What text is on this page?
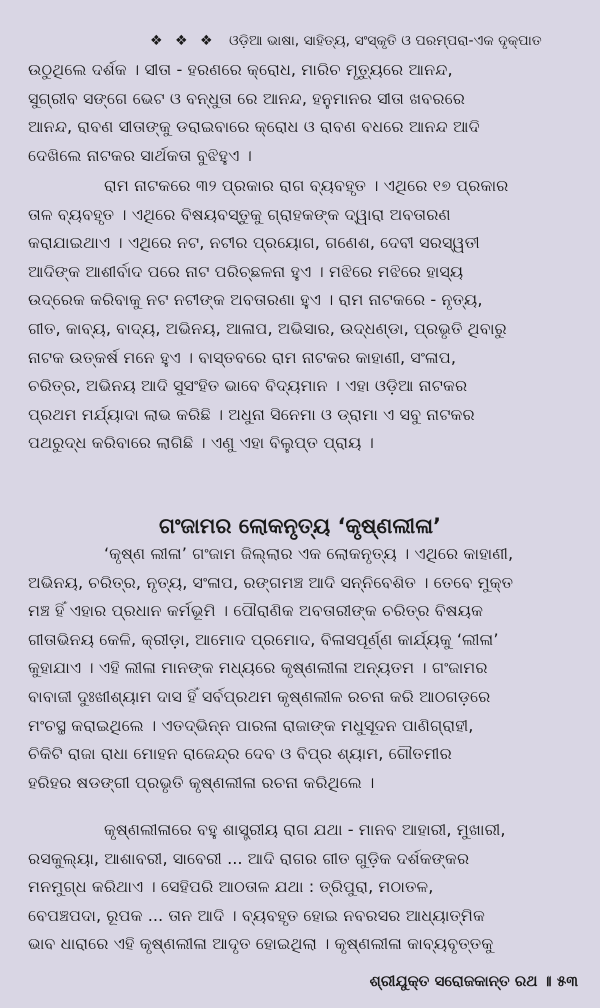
❖ ❖ ❖ ଓଡ଼ିଆ ଭାଷା, ସାହିତ୍ୟ, ସଂସ୍କୃତି ଓ ପରମ୍ପରା-ଏକ ଦୃକ୍‌ପାତ
ଉଠୁଥିଲେ ଦର୍ଶକ । ସୀତା - ହରଣରେ କ୍ରୋଧ, ମାରିଚ ମୃତ୍ୟୁରେ ଆନନ୍ଦ,
ସୁଗ୍ରୀବ ସଙ୍ଗେ ଭେଟ ଓ ବନ୍ଧୁତା ରେ ଆନନ୍ଦ, ହନୁମାନର ସୀତା ଖବରରେ
ଆନନ୍ଦ, ରାବଣ ସୀତାଙ୍କୁ ଡରାଇବାରେ କ୍ରୋଧ ଓ ରାବଣ ବଧରେ ଆନନ୍ଦ ଆଦି
ଦେଖିଲେ ନାଟକର ସାର୍ଥକତା ବୁଝିହୁଏ ।
ରାମ ନାଟକରେ ୩୨ ପ୍ରକାର ରାଗ ବ୍ୟବହୃତ । ଏଥିରେ ୧୭ ପ୍ରକାର
ତାଳ ବ୍ୟବହୃତ । ଏଥିରେ ବିଷୟବସ୍ତୁକୁ ଗ୍ରାହକଙ୍କ ଦ୍ୱାରା ଅବତାରଣ
କରାଯାଇଥାଏ । ଏଥିରେ ନଟ, ନଟୀର ପ୍ରୟୋଗ, ଗଣେଶ, ଦେବୀ ସରସ୍ୱତୀ
ଆଦିଙ୍କ ଆଶୀର୍ବାଦ ପରେ ନାଟ ପରିଚ୍ଛଳନା ହୁଏ । ମଝିରେ ମଝିରେ ହାସ୍ୟ
ଉଦ୍ରେକ କରିବାକୁ ନଟ ନଟୀଙ୍କ ଅବତାରଣା ହୁଏ । ରାମ ନାଟକରେ - ନୃତ୍ୟ,
ଗୀତ, କାବ୍ୟ, ବାଦ୍ୟ, ଅଭିନୟ, ଆଳାପ, ଅଭିସାର, ଉଦ୍ଧଣ୍ଡା, ପ୍ରଭୃତି ଥିବାରୁ
ନାଟକ ଉତ୍କର୍ଷ ମନେ ହୁଏ । ବାସ୍ତବରେ ରାମ ନାଟକର କାହାଣୀ, ସଂଳାପ,
ଚରିତ୍ର, ଅଭିନୟ ଆଦି ସୁସଂହିତ ଭାବେ ବିଦ୍ୟମାନ । ଏହା ଓଡ଼ିଆ ନାଟକର
ପ୍ରଥମ ମର୍ଯ୍ୟାଦା ଲାଭ କରିଛି । ଅଧୁନା ସିନେମା ଓ ଡ୍ରାମା ଏ ସବୁ ନାଟକର
ପଥରୁଦ୍ଧ କରିବାରେ ଲାଗିଛି । ଏଣୁ ଏହା ବିଲୁପ୍ତ ପ୍ରାୟ ।
ଗଂଜାମର ଲୋକନୃତ୍ୟ ‘କୃଷ୍ଣଲୀଳା’
‘କୃଷ୍ଣ ଲୀଳା’ ଗଂଜାମ ଜିଲ୍ଲାର ଏକ ଲୋକନୃତ୍ୟ । ଏଥିରେ କାହାଣୀ,
ଅଭିନୟ, ଚରିତ୍ର, ନୃତ୍ୟ, ସଂଳାପ, ରଙ୍ଗମଞ୍ଚ ଆଦି ସନ୍ନିବେଶିତ । ତେବେ ମୁକ୍ତ
ମଞ୍ଚ ହିଁ ଏହାର ପ୍ରଧାନ କର୍ମଭୂମି । ପୌରାଣିକ ଅବତାରୀଙ୍କ ଚରିତ୍ର ବିଷୟକ
ଗୀତାଭିନୟ କେଳି, କ୍ରୀଡ଼ା, ଆମୋଦ ପ୍ରମୋଦ, ବିଳାସପୂର୍ଣ୍ଣ କାର୍ଯ୍ୟକୁ ‘ଲୀଳା’
କୁହାଯାଏ । ଏହି ଲୀଳା ମାନଙ୍କ ମଧ୍ୟରେ କୃଷ୍ଣଲୀଳା ଅନ୍ୟତମ । ଗଂଜାମର
ବାବାଜୀ ଦୁଃଖୀଶ୍ୟାମ ଦାସ ହିଁ ସର୍ବପ୍ରଥମ କୃଷ୍ଣଲୀଳ ରଚନା କରି ଆଠଗଡ଼ରେ
ମଂଚସ୍ଥ କରାଇଥିଲେ । ଏତଦ୍‌ଭିନ୍ନ ପାରଳା ରାଜାଙ୍କ ମଧୁସୂଦନ ପାଣିଗ୍ରାହୀ,
ଚିକିଟି ରାଜା ରାଧା ମୋହନ ରାଜେନ୍ଦ୍ର ଦେବ ଓ ବିପ୍ର ଶ୍ୟାମ, ଗୌତମୀର
ହରିହର ଷଡଙ୍ଗୀ ପ୍ରଭୃତି କୃଷ୍ଣଲୀଳା ରଚନା କରିଥିଲେ ।
କୃଷ୍ଣଲୀଳାରେ ବହୁ ଶାସ୍ତ୍ରୀୟ ରାଗ ଯଥା - ମାନବ ଆହାରୀ, ମୁଖାରୀ,
ରସକୁଲ୍ୟା, ଆଶାବରୀ, ସାବେରୀ ... ଆଦି ରାଗର ଗୀତ ଗୁଡ଼ିକ ଦର୍ଶକଙ୍କର
ମନମୁଗ୍ଧ କରିଥାଏ । ସେହିପରି ଆଠତାଳ ଯଥା : ତ୍ରିପୁରା, ମଠାତଳ,
ବେପଞ୍ଚପଦା, ରୂପକ ... ତାନ ଆଦି । ବ୍ୟବହୃତ ହୋଇ ନବରସର ଆଧ୍ୟାତ୍ମିକ
ଭାବ ଧାରାରେ ଏହି କୃଷ୍ଣଲୀଳା ଆଦୃତ ହୋଇଥିଲା । କୃଷ୍ଣଲୀଳା କାବ୍ୟବୃତ୍ତକୁ
ଶ୍ରୀଯୁକ୍ତ ସରୋଜକାନ୍ତ ରଥ ॥ ୫୩
